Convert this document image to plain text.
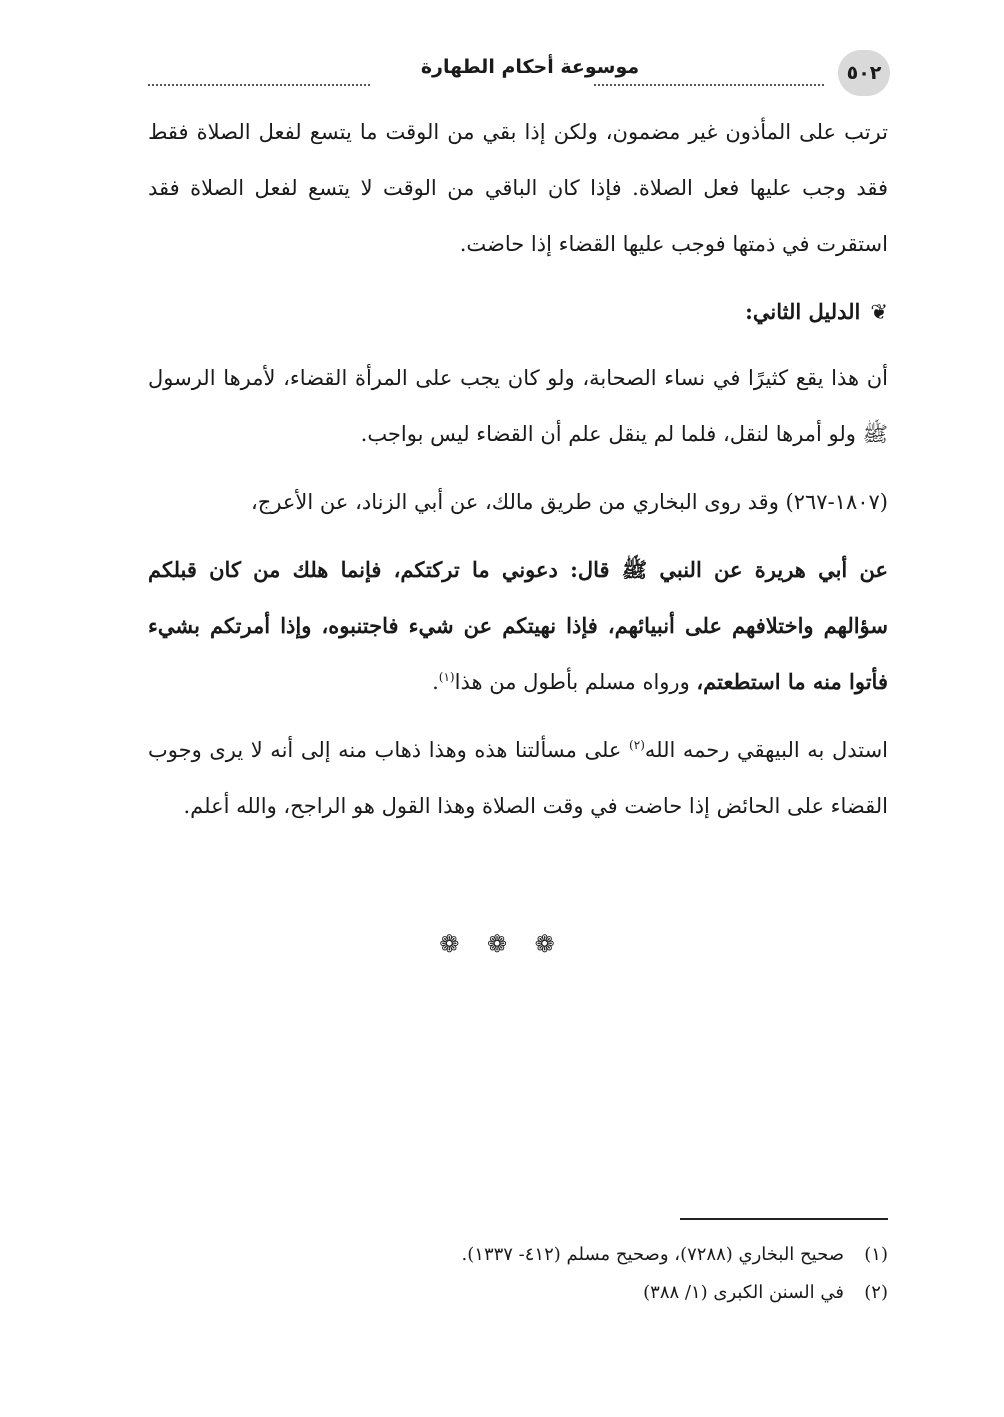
٥٠٢
موسوعة أحكام الطهارة

ترتب على المأذون غير مضمون، ولكن إذا بقي من الوقت ما يتسع لفعل الصلاة فقط فقد وجب عليها فعل الصلاة. فإذا كان الباقي من الوقت لا يتسع لفعل الصلاة فقد استقرت في ذمتها فوجب عليها القضاء إذا حاضت.

❦الدليل الثاني:

أن هذا يقع كثيرًا في نساء الصحابة، ولو كان يجب على المرأة القضاء، لأمرها الرسول ﷺ ولو أمرها لنقل، فلما لم ينقل علم أن القضاء ليس بواجب.

(١٨٠٧-٢٦٧) وقد روى البخاري من طريق مالك، عن أبي الزناد، عن الأعرج،

عن أبي هريرة عن النبي ﷺ قال: دعوني ما تركتكم، فإنما هلك من كان قبلكم سؤالهم واختلافهم على أنبيائهم، فإذا نهيتكم عن شيء فاجتنبوه، وإذا أمرتكم بشيء فأتوا منه ما استطعتم، ورواه مسلم بأطول من هذا$^{(١)}$.

استدل به البيهقي رحمه الله$^{(٢)}$ على مسألتنا هذه وهذا ذهاب منه إلى أنه لا يرى وجوب القضاء على الحائض إذا حاضت في وقت الصلاة وهذا القول هو الراجح، والله أعلم.

❁ ❁ ❁

(١)صحيح البخاري (٧٢٨٨)، وصحيح مسلم (٤١٢- ١٣٣٧).

(٢)في السنن الكبرى (١/ ٣٨٨)
